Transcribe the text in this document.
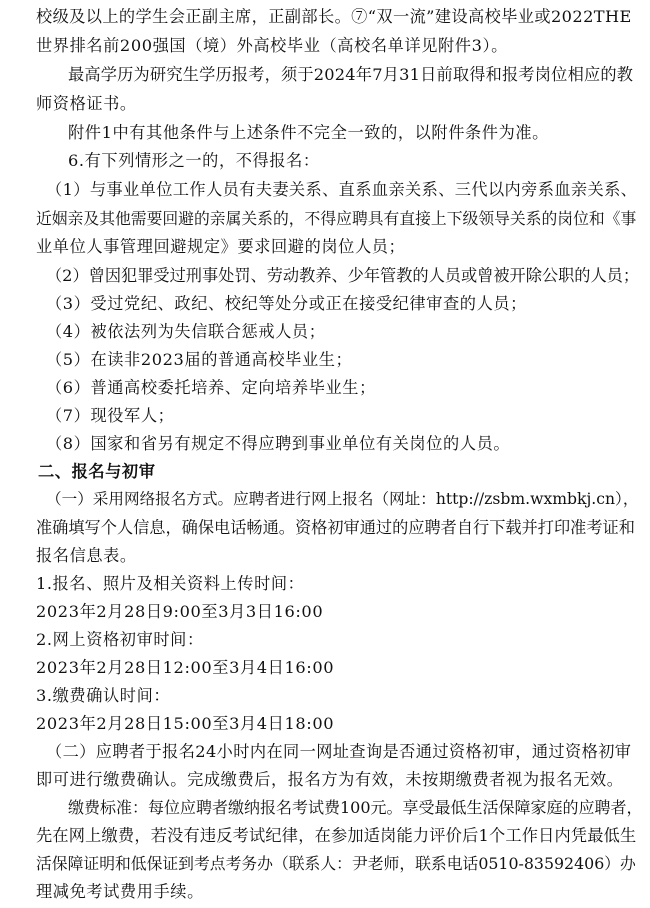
校级及以上的学生会正副主席，正副部长。⑦“双一流”建设高校毕业或2022THE
世界排名前200强国（境）外高校毕业（高校名单详见附件3）。
最高学历为研究生学历报考，须于2024年7月31日前取得和报考岗位相应的教
师资格证书。
附件1中有其他条件与上述条件不完全一致的，以附件条件为准。
6.有下列情形之一的，不得报名：
（1）与事业单位工作人员有夫妻关系、直系血亲关系、三代以内旁系血亲关系、
近姻亲及其他需要回避的亲属关系的，不得应聘具有直接上下级领导关系的岗位和《事
业单位人事管理回避规定》要求回避的岗位人员；
（2）曾因犯罪受过刑事处罚、劳动教养、少年管教的人员或曾被开除公职的人员；
（3）受过党纪、政纪、校纪等处分或正在接受纪律审查的人员；
（4）被依法列为失信联合惩戒人员；
（5）在读非2023届的普通高校毕业生；
（6）普通高校委托培养、定向培养毕业生；
（7）现役军人；
（8）国家和省另有规定不得应聘到事业单位有关岗位的人员。
二、报名与初审
（一）采用网络报名方式。应聘者进行网上报名（网址：http://zsbm.wxmbkj.cn），
准确填写个人信息，确保电话畅通。资格初审通过的应聘者自行下载并打印准考证和
报名信息表。
1.报名、照片及相关资料上传时间：
2023年2月28日9:00至3月3日16:00
2.网上资格初审时间：
2023年2月28日12:00至3月4日16:00
3.缴费确认时间：
2023年2月28日15:00至3月4日18:00
（二）应聘者于报名24小时内在同一网址查询是否通过资格初审，通过资格初审
即可进行缴费确认。完成缴费后，报名方为有效，未按期缴费者视为报名无效。
缴费标准：每位应聘者缴纳报名考试费100元。享受最低生活保障家庭的应聘者，
先在网上缴费，若没有违反考试纪律，在参加适岗能力评价后1个工作日内凭最低生
活保障证明和低保证到考点考务办（联系人：尹老师，联系电话0510-83592406）办
理减免考试费用手续。
